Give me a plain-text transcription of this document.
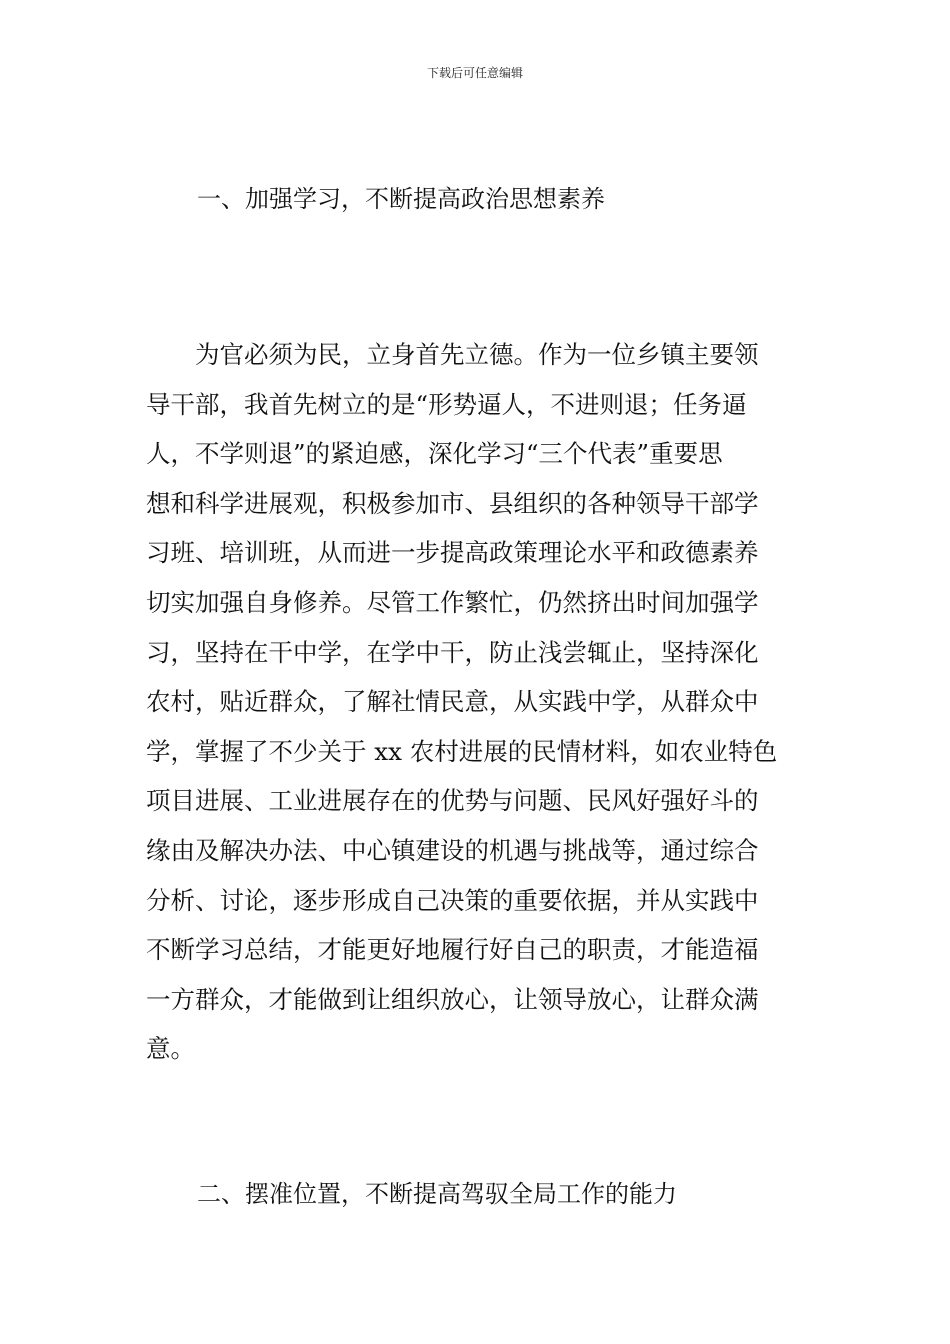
下载后可任意编辑
一、加强学习，不断提高政治思想素养
　　为官必须为民，立身首先立德。作为一位乡镇主要领
导干部，我首先树立的是“形势逼人，不进则退；任务逼
人，不学则退”的紧迫感，深化学习“三个代表”重要思
想和科学进展观，积极参加市、县组织的各种领导干部学
习班、培训班，从而进一步提高政策理论水平和政德素养
切实加强自身修养。尽管工作繁忙，仍然挤出时间加强学
习，坚持在干中学，在学中干，防止浅尝辄止，坚持深化
农村，贴近群众，了解社情民意，从实践中学，从群众中
学，掌握了不少关于 xx 农村进展的民情材料，如农业特色
项目进展、工业进展存在的优势与问题、民风好强好斗的
缘由及解决办法、中心镇建设的机遇与挑战等，通过综合
分析、讨论，逐步形成自己决策的重要依据，并从实践中
不断学习总结，才能更好地履行好自己的职责，才能造福
一方群众，才能做到让组织放心，让领导放心，让群众满
意。
二、摆准位置，不断提高驾驭全局工作的能力
